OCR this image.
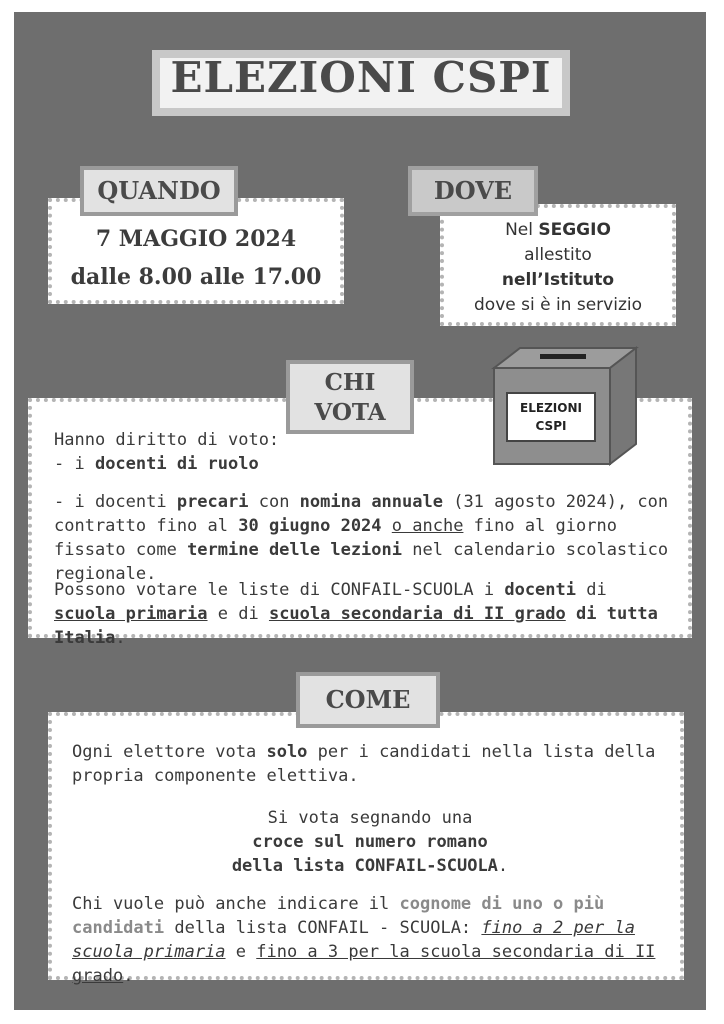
ELEZIONI CSPI
7 MAGGIO 2024
dalle 8.00 alle 17.00
QUANDO
Nel SEGGIO
allestito
nell’Istituto
dove si è in servizio
DOVE
Hanno diritto di voto:
- i docenti di ruolo
- i docenti precari con nomina annuale (31 agosto 2024), con contratto fino al 30 giugno 2024 o anche fino al giorno fissato come termine delle lezioni nel calendario scolastico regionale.
Possono votare le liste di CONFAIL-SCUOLA i docenti di scuola primaria e di scuola secondaria di II grado di tutta Italia.
CHI
VOTA	ELEZIONI
CSPI
Ogni elettore vota solo per i candidati nella lista della propria componente elettiva.
Si vota segnando una
croce sul numero romano
della lista CONFAIL-SCUOLA.
Chi vuole può anche indicare il cognome di uno o più candidati della lista CONFAIL - SCUOLA: fino a 2 per la scuola primaria e fino a 3 per la scuola secondaria di II grado.
COME
